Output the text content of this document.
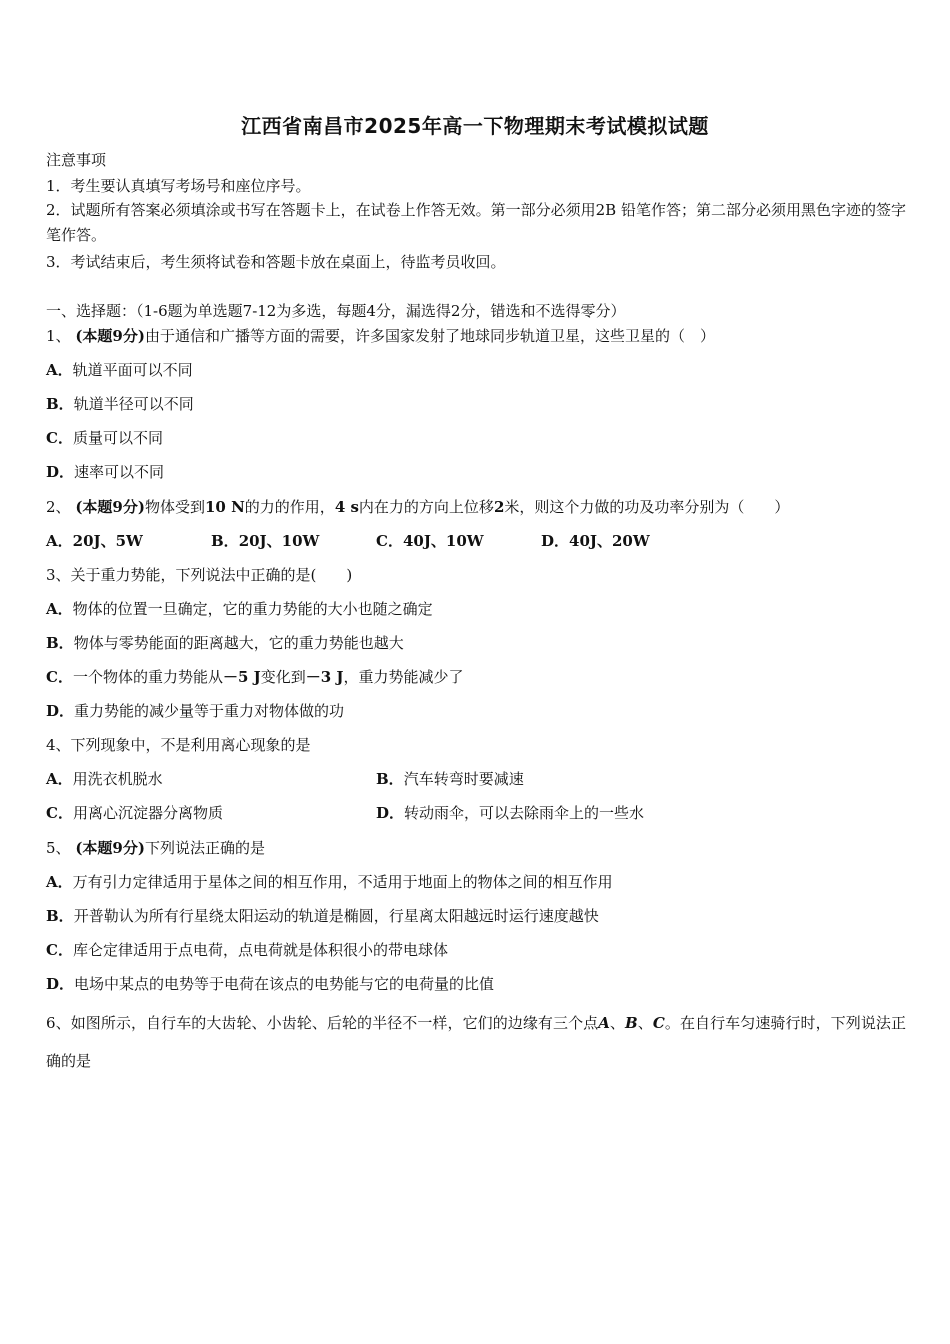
江西省南昌市2025年高一下物理期末考试模拟试题
注意事项
1．考生要认真填写考场号和座位序号。
2．试题所有答案必须填涂或书写在答题卡上，在试卷上作答无效。第一部分必须用2B 铅笔作答；第二部分必须用黑色字迹的签字笔作答。
3．考试结束后，考生须将试卷和答题卡放在桌面上，待监考员收回。
一、选择题：（1-6题为单选题7-12为多选，每题4分，漏选得2分，错选和不选得零分）
1、 (本题9分)由于通信和广播等方面的需要，许多国家发射了地球同步轨道卫星，这些卫星的（　）
A．轨道平面可以不同
B．轨道半径可以不同
C．质量可以不同
D．速率可以不同
2、 (本题9分)物体受到10 N的力的作用，4 s内在力的方向上位移2米，则这个力做的功及功率分别为（　　）
A．20J、5W	B．20J、10W	C．40J、10W	D．40J、20W
3、关于重力势能，下列说法中正确的是(　　)
A．物体的位置一旦确定，它的重力势能的大小也随之确定
B．物体与零势能面的距离越大，它的重力势能也越大
C．一个物体的重力势能从－5 J变化到－3 J，重力势能减少了
D．重力势能的减少量等于重力对物体做的功
4、下列现象中，不是利用离心现象的是
A．用洗衣机脱水	B．汽车转弯时要减速
C．用离心沉淀器分离物质	D．转动雨伞，可以去除雨伞上的一些水
5、 (本题9分)下列说法正确的是
A．万有引力定律适用于星体之间的相互作用，不适用于地面上的物体之间的相互作用
B．开普勒认为所有行星绕太阳运动的轨道是椭圆，行星离太阳越远时运行速度越快
C．库仑定律适用于点电荷，点电荷就是体积很小的带电球体
D．电场中某点的电势等于电荷在该点的电势能与它的电荷量的比值
6、如图所示，自行车的大齿轮、小齿轮、后轮的半径不一样，它们的边缘有三个点A、B、C。在自行车匀速骑行时，下列说法正确的是
